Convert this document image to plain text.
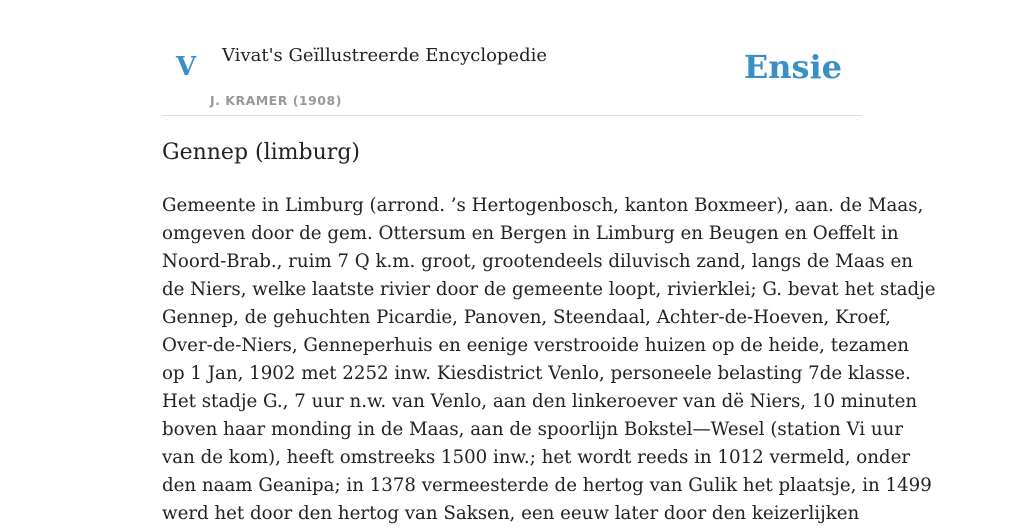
V Vivat's Geïllustreerde Encyclopedie
J. KRAMER (1908)
Ensie
Gennep (limburg)

Gemeente in Limburg (arrond. ’s Hertogenbosch, kanton Boxmeer), aan. de Maas,
omgeven door de gem. Ottersum en Bergen in Limburg en Beugen en Oeffelt in
Noord-Brab., ruim 7 Q k.m. groot, grootendeels diluvisch zand, langs de Maas en
de Niers, welke laatste rivier door de gemeente loopt, rivierklei; G. bevat het stadje
Gennep, de gehuchten Picardie, Panoven, Steendaal, Achter-de-Hoeven, Kroef,
Over-de-Niers, Genneperhuis en eenige verstrooide huizen op de heide, tezamen
op 1 Jan, 1902 met 2252 inw. Kiesdistrict Venlo, personeele belasting 7de klasse.
Het stadje G., 7 uur n.w. van Venlo, aan den linkeroever van dë Niers, 10 minuten
boven haar monding in de Maas, aan de spoorlijn Bokstel—Wesel (station Vi uur
van de kom), heeft omstreeks 1500 inw.; het wordt reeds in 1012 vermeld, onder
den naam Geanipa; in 1378 vermeesterde de hertog van Gulik het plaatsje, in 1499
werd het door den hertog van Saksen, een eeuw later door den keizerlijken
